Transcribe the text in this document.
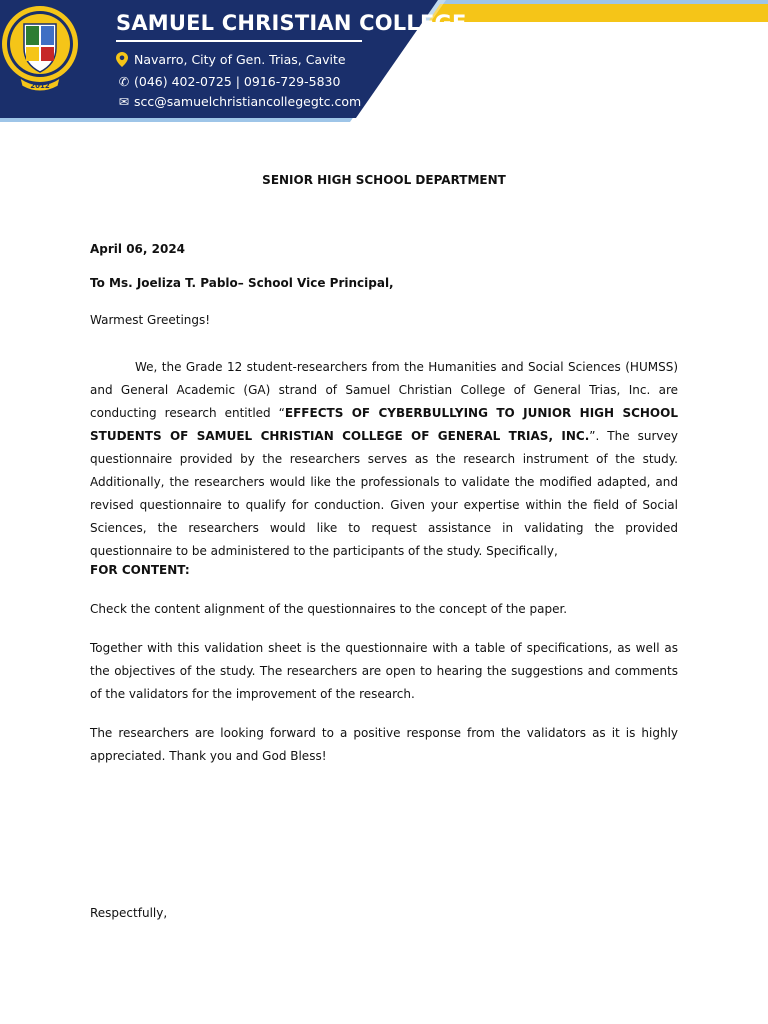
2012
SAMUEL CHRISTIAN COLLEGE
Navarro, City of Gen. Trias, Cavite
✆ (046) 402-0725 | 0916-729-5830
✉ scc@samuelchristiancollegegtc.com
SENIOR HIGH SCHOOL DEPARTMENT
April 06, 2024
To Ms. Joeliza T. Pablo– School Vice Principal,
Warmest Greetings!
We, the Grade 12 student-researchers from the Humanities and Social Sciences (HUMSS) and General Academic (GA) strand of Samuel Christian College of General Trias, Inc. are conducting research entitled “EFFECTS OF CYBERBULLYING TO JUNIOR HIGH SCHOOL STUDENTS OF SAMUEL CHRISTIAN COLLEGE OF GENERAL TRIAS, INC.”. The survey questionnaire provided by the researchers serves as the research instrument of the study. Additionally, the researchers would like the professionals to validate the modified adapted, and revised questionnaire to qualify for conduction. Given your expertise within the field of Social Sciences, the researchers would like to request assistance in validating the provided questionnaire to be administered to the participants of the study. Specifically,
FOR CONTENT:
Check the content alignment of the questionnaires to the concept of the paper.
Together with this validation sheet is the questionnaire with a table of specifications, as well as the objectives of the study. The researchers are open to hearing the suggestions and comments of the validators for the improvement of the research.
The researchers are looking forward to a positive response from the validators as it is highly appreciated. Thank you and God Bless!
Respectfully,
